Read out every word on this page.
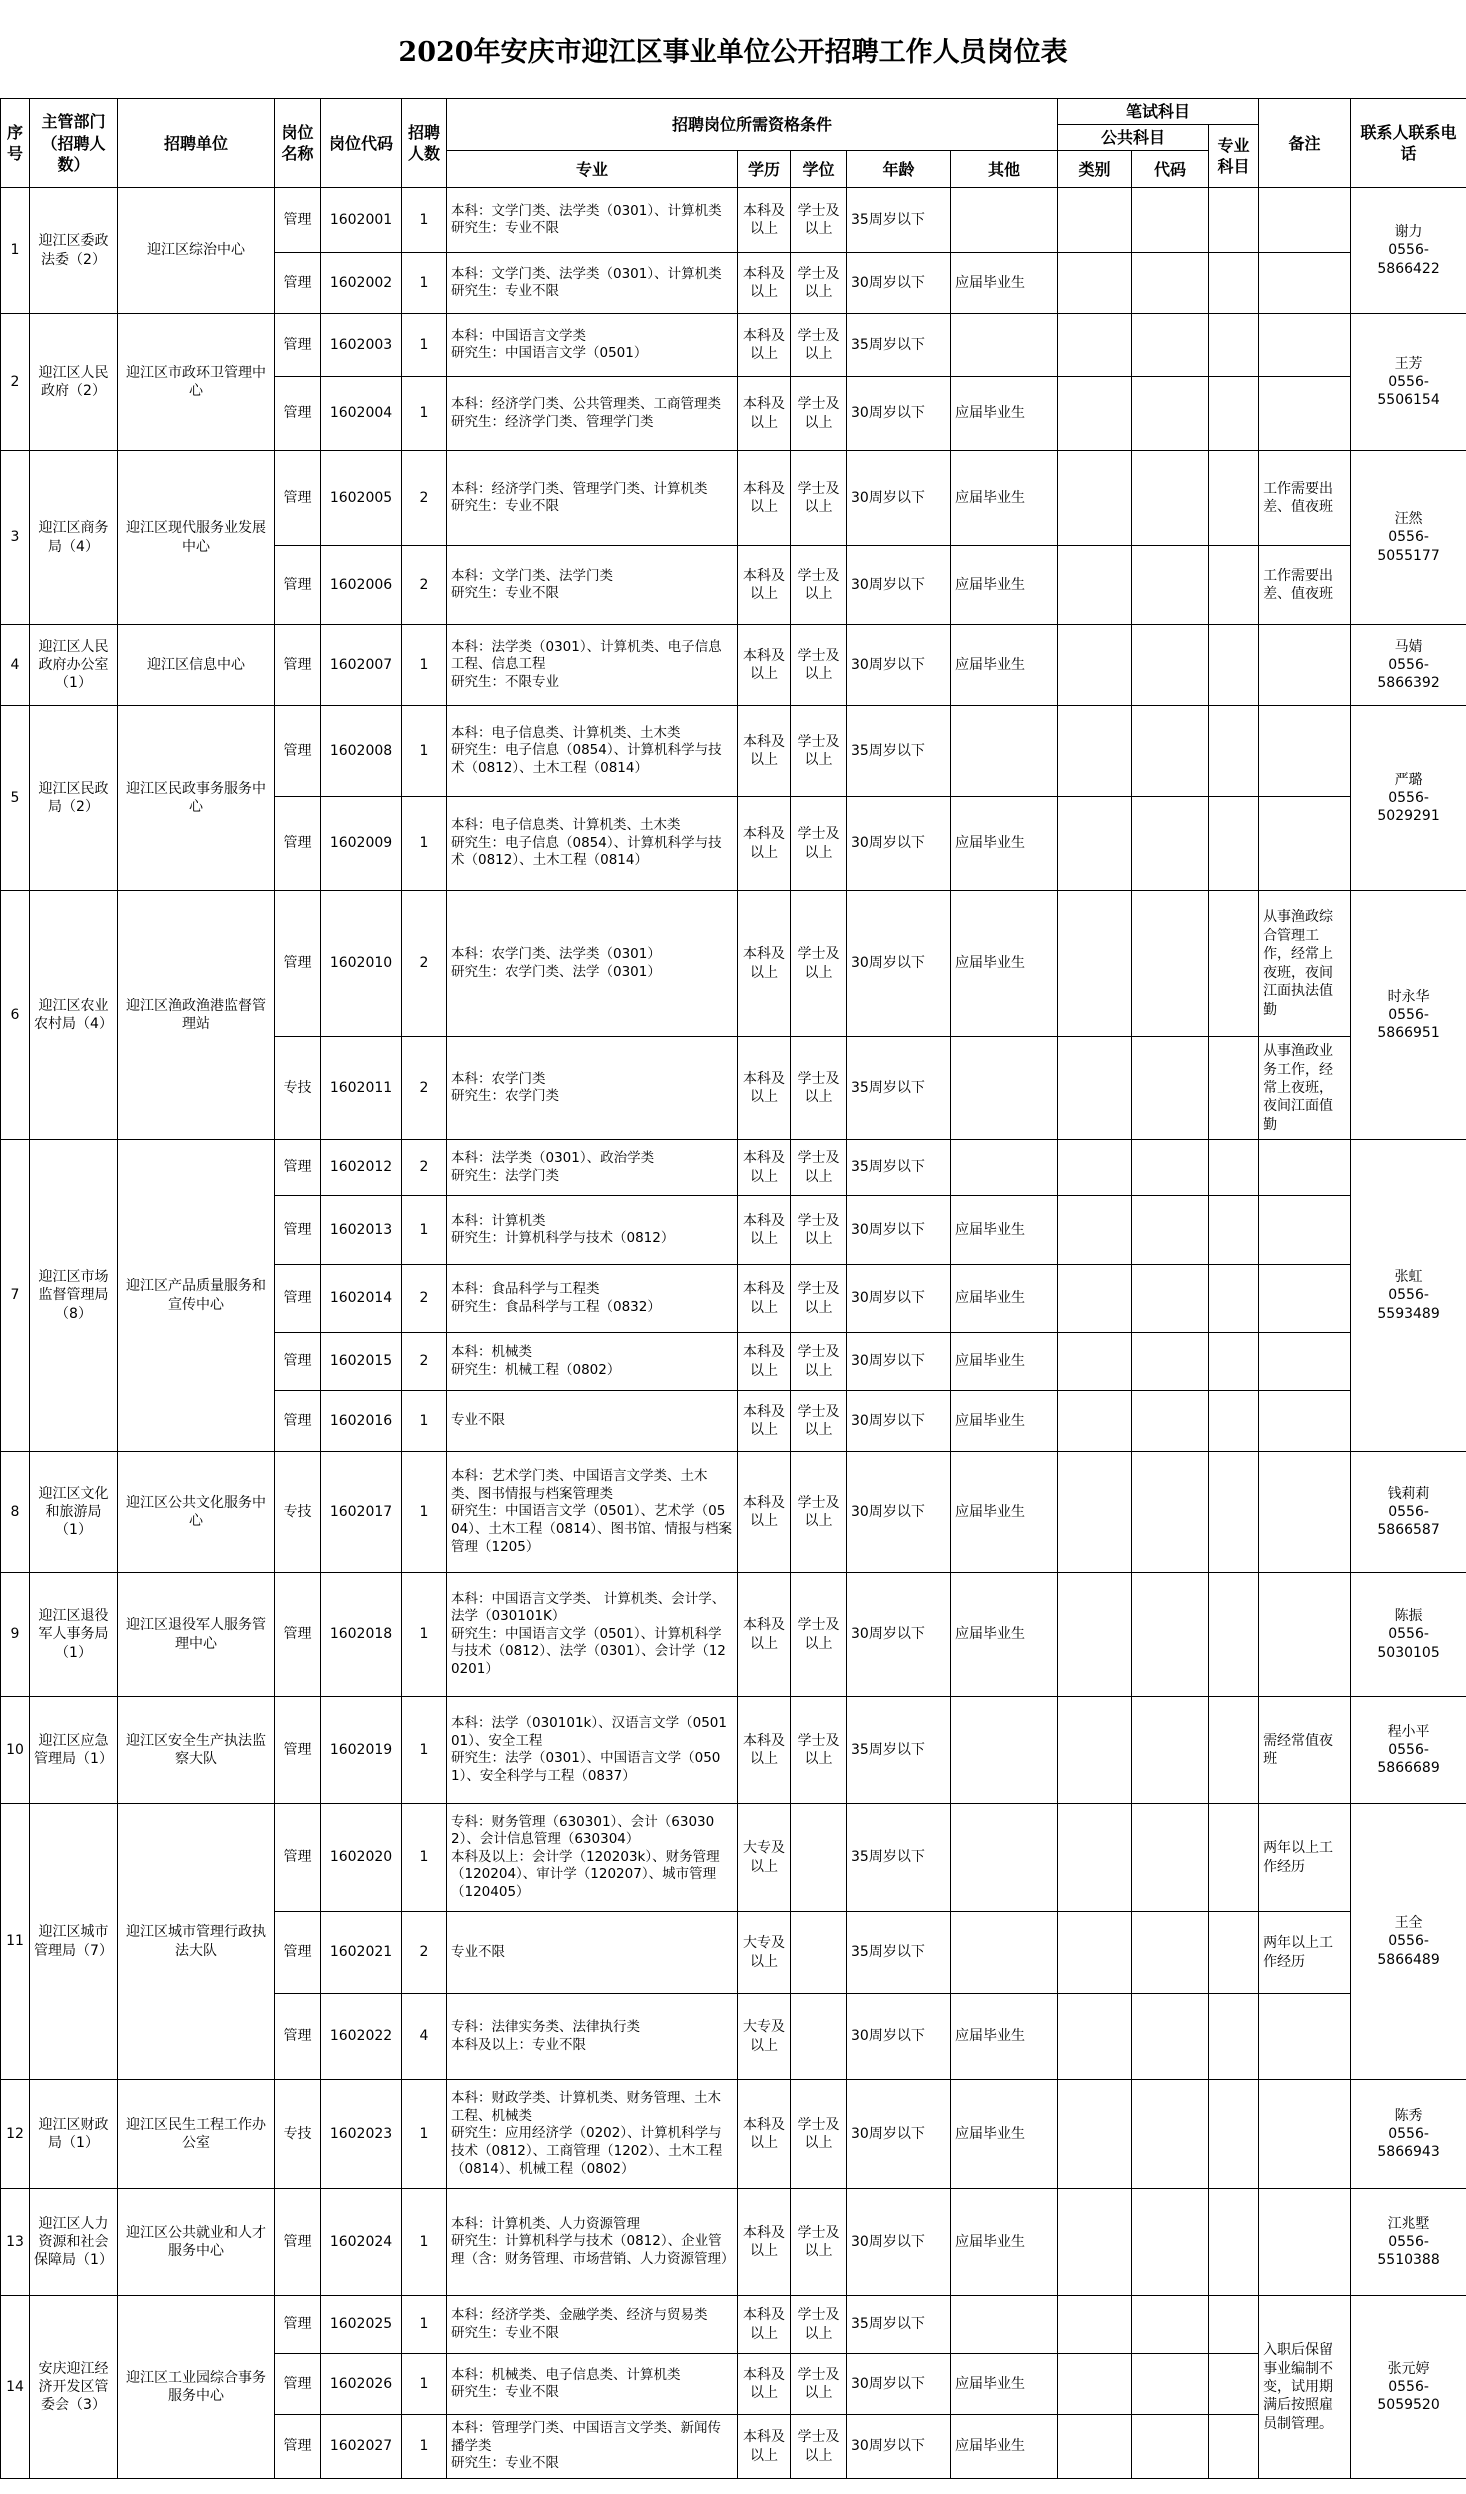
2020年安庆市迎江区事业单位公开招聘工作人员岗位表
序号	主管部门（招聘人数）	招聘单位	岗位名称	岗位代码	招聘人数	招聘岗位所需资格条件					笔试科目			备注	联系人联系电话
											公共科目		专业科目		
						专业	学历	学位	年龄	其他	类别	代码			
1	迎江区委政法委（2）	迎江区综治中心	管理	1602001	1	本科：文学门类、法学类（0301）、计算机类
研究生：专业不限	本科及以上	学士及以上	35周岁以下						谢力
0556-
5866422
			管理	1602002	1	本科：文学门类、法学类（0301）、计算机类
研究生：专业不限	本科及以上	学士及以上	30周岁以下	应届毕业生					
2	迎江区人民政府（2）	迎江区市政环卫管理中心	管理	1602003	1	本科：中国语言文学类
研究生：中国语言文学（0501）	本科及以上	学士及以上	35周岁以下						王芳
0556-
5506154
			管理	1602004	1	本科：经济学门类、公共管理类、工商管理类
研究生：经济学门类、管理学门类	本科及以上	学士及以上	30周岁以下	应届毕业生					
3	迎江区商务局（4）	迎江区现代服务业发展中心	管理	1602005	2	本科：经济学门类、管理学门类、计算机类
研究生：专业不限	本科及以上	学士及以上	30周岁以下	应届毕业生				工作需要出差、值夜班	汪然
0556-
5055177
			管理	1602006	2	本科：文学门类、法学门类
研究生：专业不限	本科及以上	学士及以上	30周岁以下	应届毕业生				工作需要出差、值夜班	
4	迎江区人民政府办公室（1）	迎江区信息中心	管理	1602007	1	本科：法学类（0301）、计算机类、电子信息工程、信息工程
研究生：不限专业	本科及以上	学士及以上	30周岁以下	应届毕业生					马婧
0556-
5866392
5	迎江区民政局（2）	迎江区民政事务服务中心	管理	1602008	1	本科：电子信息类、计算机类、土木类
研究生：电子信息（0854）、计算机科学与技术（0812）、土木工程（0814）	本科及以上	学士及以上	35周岁以下						严璐
0556-
5029291
			管理	1602009	1	本科：电子信息类、计算机类、土木类
研究生：电子信息（0854）、计算机科学与技术（0812）、土木工程（0814）	本科及以上	学士及以上	30周岁以下	应届毕业生					
6	迎江区农业农村局（4）	迎江区渔政渔港监督管理站	管理	1602010	2	本科：农学门类、法学类（0301）
研究生：农学门类、法学（0301）	本科及以上	学士及以上	30周岁以下	应届毕业生				从事渔政综合管理工作，经常上夜班，夜间江面执法值勤	时永华
0556-
5866951
			专技	1602011	2	本科：农学门类
研究生：农学门类	本科及以上	学士及以上	35周岁以下					从事渔政业务工作，经常上夜班，夜间江面值勤	
7	迎江区市场监督管理局（8）	迎江区产品质量服务和宣传中心	管理	1602012	2	本科：法学类（0301）、政治学类
研究生：法学门类	本科及以上	学士及以上	35周岁以下						张虹
0556-
5593489
			管理	1602013	1	本科：计算机类
研究生：计算机科学与技术（0812）	本科及以上	学士及以上	30周岁以下	应届毕业生					
			管理	1602014	2	本科：食品科学与工程类
研究生：食品科学与工程（0832）	本科及以上	学士及以上	30周岁以下	应届毕业生					
			管理	1602015	2	本科：机械类
研究生：机械工程（0802）	本科及以上	学士及以上	30周岁以下	应届毕业生					
			管理	1602016	1	专业不限	本科及以上	学士及以上	30周岁以下	应届毕业生					
8	迎江区文化和旅游局（1）	迎江区公共文化服务中心	专技	1602017	1	本科：艺术学门类、中国语言文学类、土木类、图书情报与档案管理类
研究生：中国语言文学（0501）、艺术学（0504）、土木工程（0814）、图书馆、情报与档案管理（1205）	本科及以上	学士及以上	30周岁以下	应届毕业生					钱莉莉
0556-
5866587
9	迎江区退役军人事务局（1）	迎江区退役军人服务管理中心	管理	1602018	1	本科：中国语言文学类、 计算机类、会计学、法学（030101K）
研究生：中国语言文学（0501）、计算机科学与技术（0812）、法学（0301）、会计学（120201）	本科及以上	学士及以上	30周岁以下	应届毕业生					陈振
0556-
5030105
10	迎江区应急管理局（1）	迎江区安全生产执法监察大队	管理	1602019	1	本科：法学（030101k）、汉语言文学（050101）、安全工程
研究生：法学（0301）、中国语言文学（0501）、安全科学与工程（0837）	本科及以上	学士及以上	35周岁以下					需经常值夜班	程小平
0556-
5866689
11	迎江区城市管理局（7）	迎江区城市管理行政执法大队	管理	1602020	1	专科：财务管理（630301）、会计（630302）、会计信息管理（630304）
本科及以上：会计学（120203k）、财务管理（120204）、审计学（120207）、城市管理（120405）	大专及以上		35周岁以下					两年以上工作经历	王全
0556-
5866489
			管理	1602021	2	专业不限	大专及以上		35周岁以下					两年以上工作经历	
			管理	1602022	4	专科：法律实务类、法律执行类
本科及以上：专业不限	大专及以上		30周岁以下	应届毕业生					
12	迎江区财政局（1）	迎江区民生工程工作办公室	专技	1602023	1	本科：财政学类、计算机类、财务管理、土木工程、机械类
研究生：应用经济学（0202）、计算机科学与技术（0812）、工商管理（1202）、土木工程（0814）、机械工程（0802）	本科及以上	学士及以上	30周岁以下	应届毕业生					陈秀
0556-
5866943
13	迎江区人力资源和社会保障局（1）	迎江区公共就业和人才服务中心	管理	1602024	1	本科：计算机类、人力资源管理
研究生：计算机科学与技术（0812）、企业管理（含：财务管理、市场营销、人力资源管理）	本科及以上	学士及以上	30周岁以下	应届毕业生					江兆墅
0556-
5510388
14	安庆迎江经济开发区管委会（3）	迎江区工业园综合事务服务中心	管理	1602025	1	本科：经济学类、金融学类、经济与贸易类
研究生：专业不限	本科及以上	学士及以上	35周岁以下					入职后保留事业编制不变，试用期满后按照雇员制管理。	张元婷
0556-
5059520
			管理	1602026	1	本科：机械类、电子信息类、计算机类
研究生：专业不限	本科及以上	学士及以上	30周岁以下	应届毕业生					
			管理	1602027	1	本科：管理学门类、中国语言文学类、新闻传播学类
研究生：专业不限	本科及以上	学士及以上	30周岁以下	应届毕业生					
